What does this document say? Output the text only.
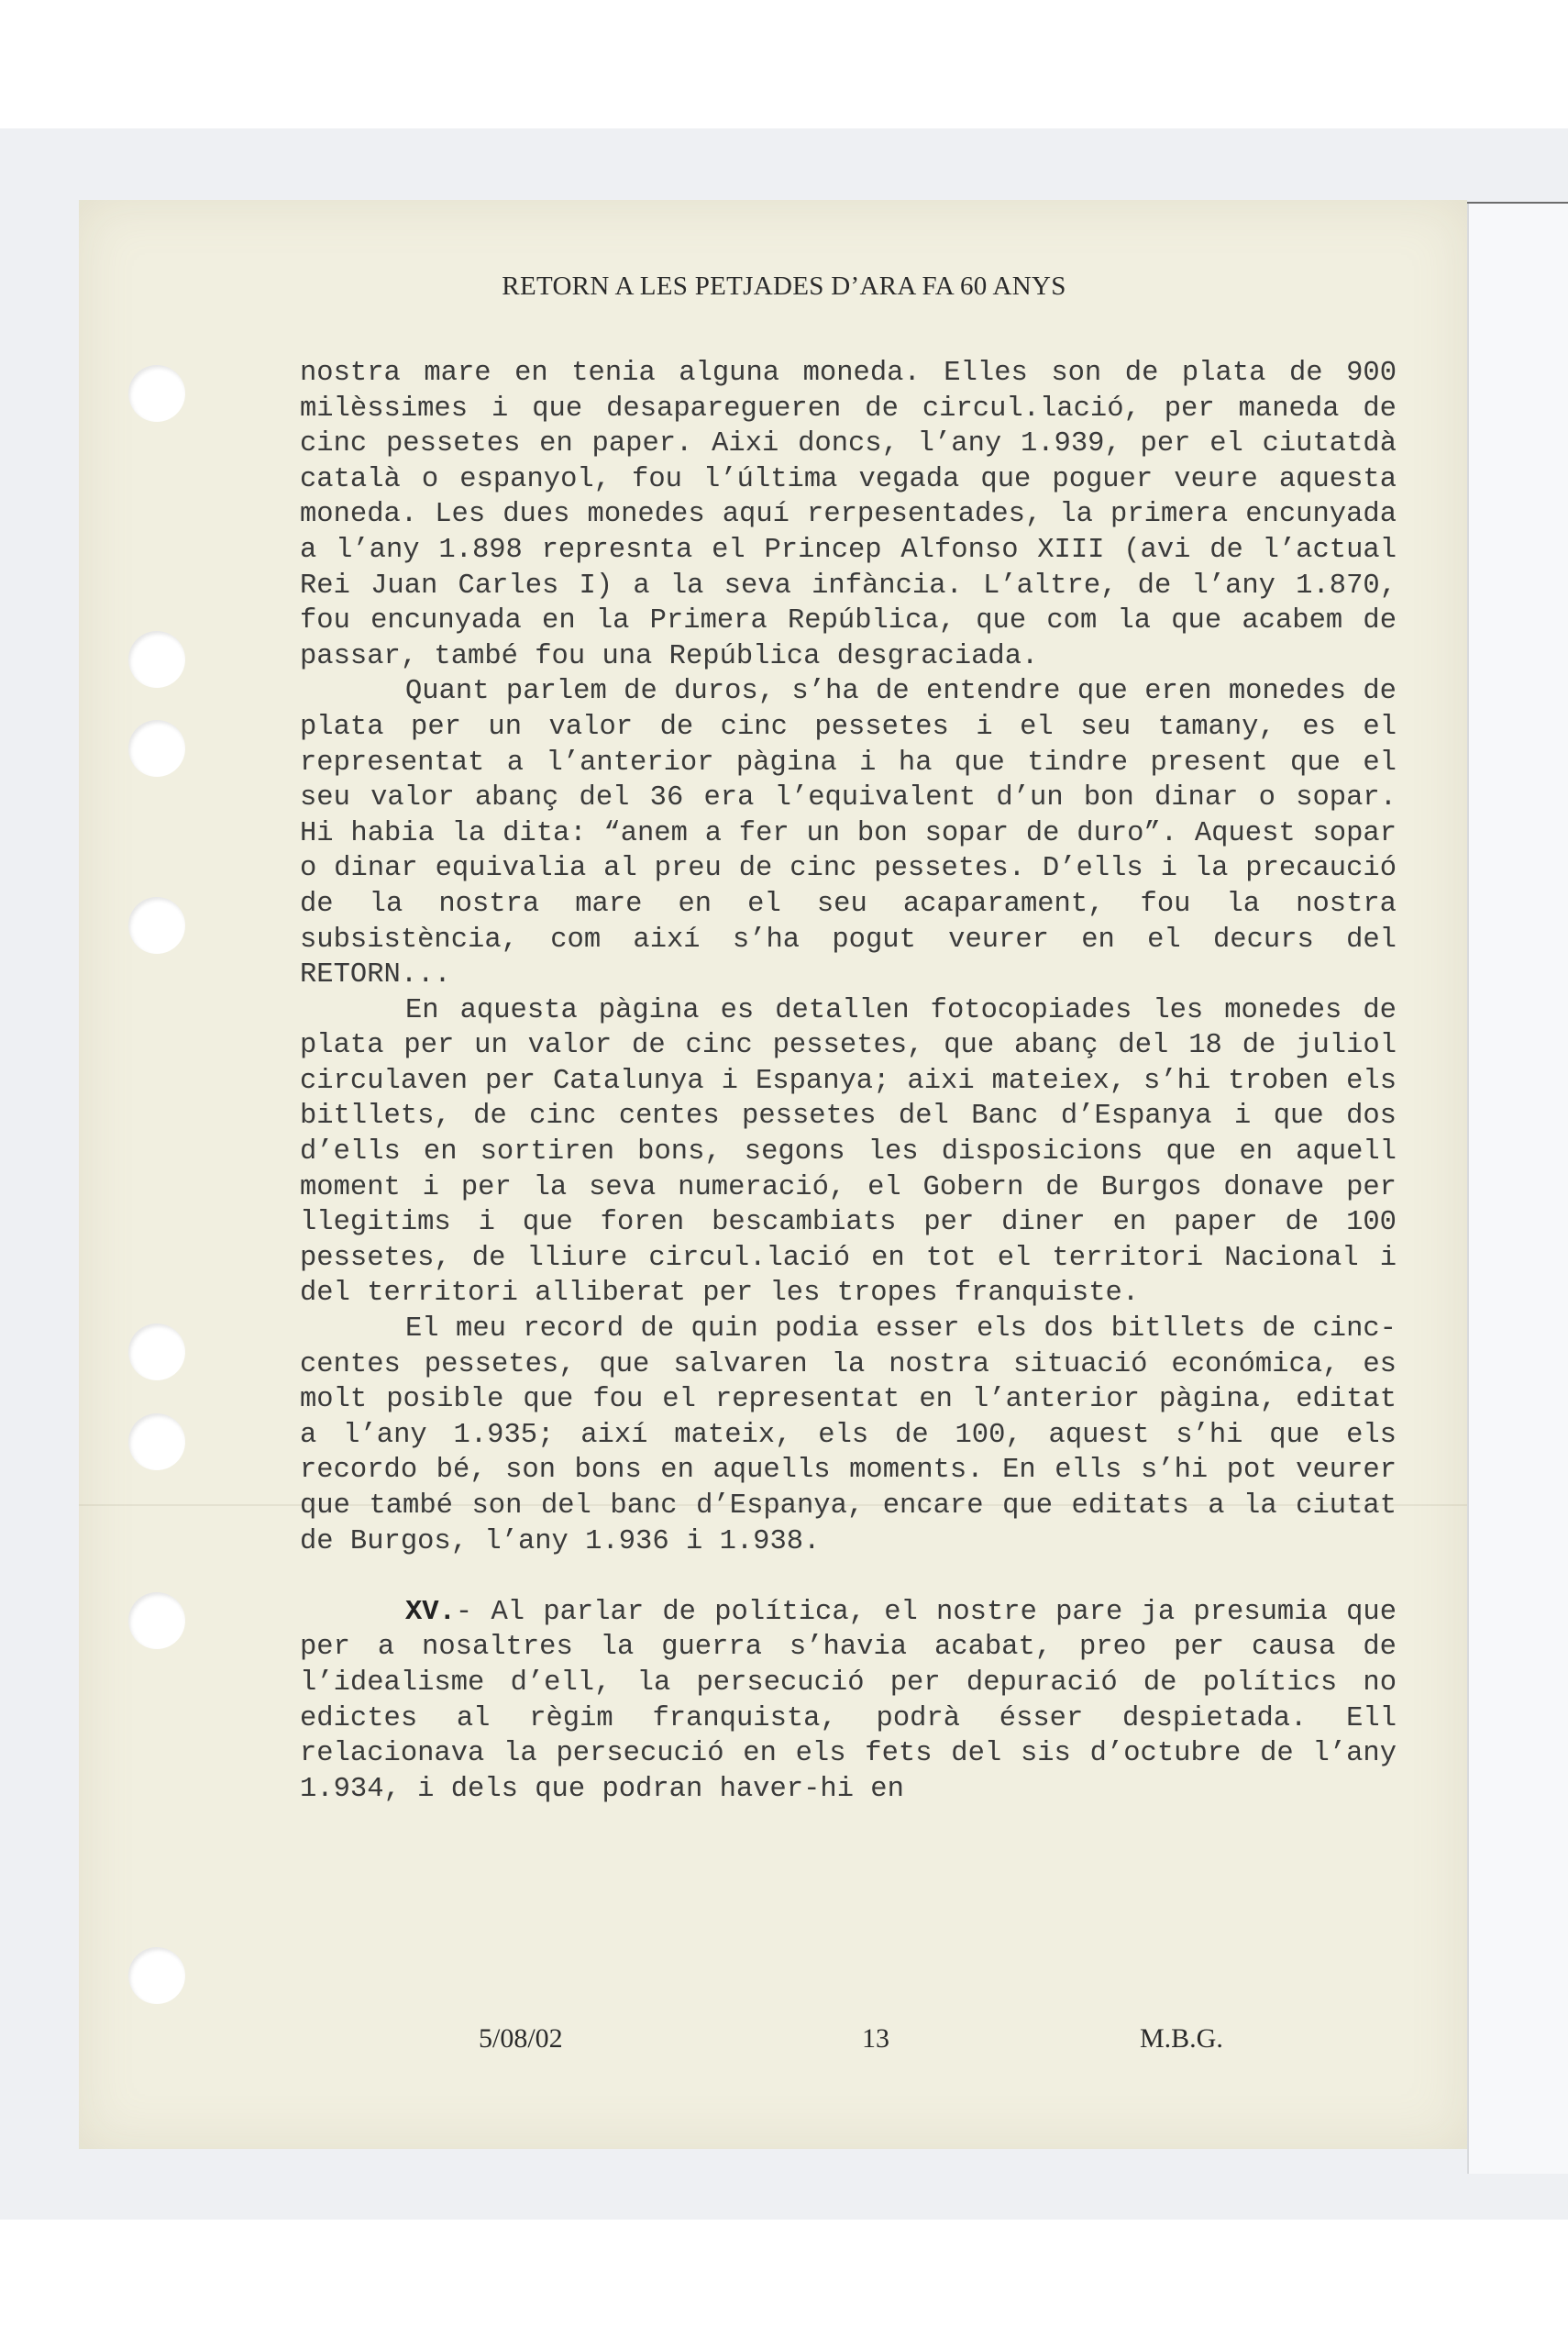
RETORN A LES PETJADES D’ARA FA 60 ANYS

nostra mare en tenia alguna moneda. Elles son de plata de 900 milèssimes i que desaparegueren de circul.lació, per maneda de cinc pessetes en paper. Aixi doncs, l’any 1.939, per el ciutatdà català o espanyol, fou l’última vegada que poguer veure aquesta moneda. Les dues monedes aquí rerpesentades, la primera encunyada a l’any 1.898 represnta el Princep Alfonso XIII (avi de l’actual Rei Juan Carles I) a la seva infància. L’altre, de l’any 1.870, fou encunyada en la Primera República, que com la que acabem de passar, també fou una República desgraciada.

Quant parlem de duros, s’ha de entendre que eren monedes de plata per un valor de cinc pessetes i el seu tamany, es el representat a l’anterior pàgina i ha que tindre present que el seu valor abanç del 36 era l’equivalent d’un bon dinar o sopar. Hi habia la dita: “anem a fer un bon sopar de duro”. Aquest sopar o dinar equivalia al preu de cinc pessetes. D’ells i la precaució de la nostra mare en el seu acaparament, fou la nostra subsistència, com així s’ha pogut veurer en el decurs del RETORN...

En aquesta pàgina es detallen fotocopiades les monedes de plata per un valor de cinc pessetes, que abanç del 18 de juliol circulaven per Catalunya i Espanya; aixi mateiex, s’hi troben els bitllets, de cinc centes pessetes del Banc d’Espanya i que dos d’ells en sortiren bons, segons les disposicions que en aquell moment i per la seva numeració, el Gobern de Burgos donave per llegitims i que foren bescambiats per diner en paper de 100 pessetes, de lliure circul.lació en tot el territori Nacional i del territori alliberat per les tropes franquiste.

El meu record de quin podia esser els dos bitllets de cinc-centes pessetes, que salvaren la nostra situació económica, es molt posible que fou el representat en l’anterior pàgina, editat a l’any 1.935; així mateix, els de 100, aquest s’hi que els recordo bé, son bons en aquells moments. En ells s’hi pot veurer que també son del banc d’Espanya, encare que editats a la ciutat de Burgos, l’any 1.936 i 1.938.

XV.- Al parlar de política, el nostre pare ja presumia que per a nosaltres la guerra s’havia acabat, preo per causa de l’idealisme d’ell, la persecució per depuració de polítics no edictes al règim franquista, podrà ésser despietada. Ell relacionava la persecució en els fets del sis d’octubre de l’any 1.934, i dels que podran haver-hi en

5/08/02	13	M.B.G.
